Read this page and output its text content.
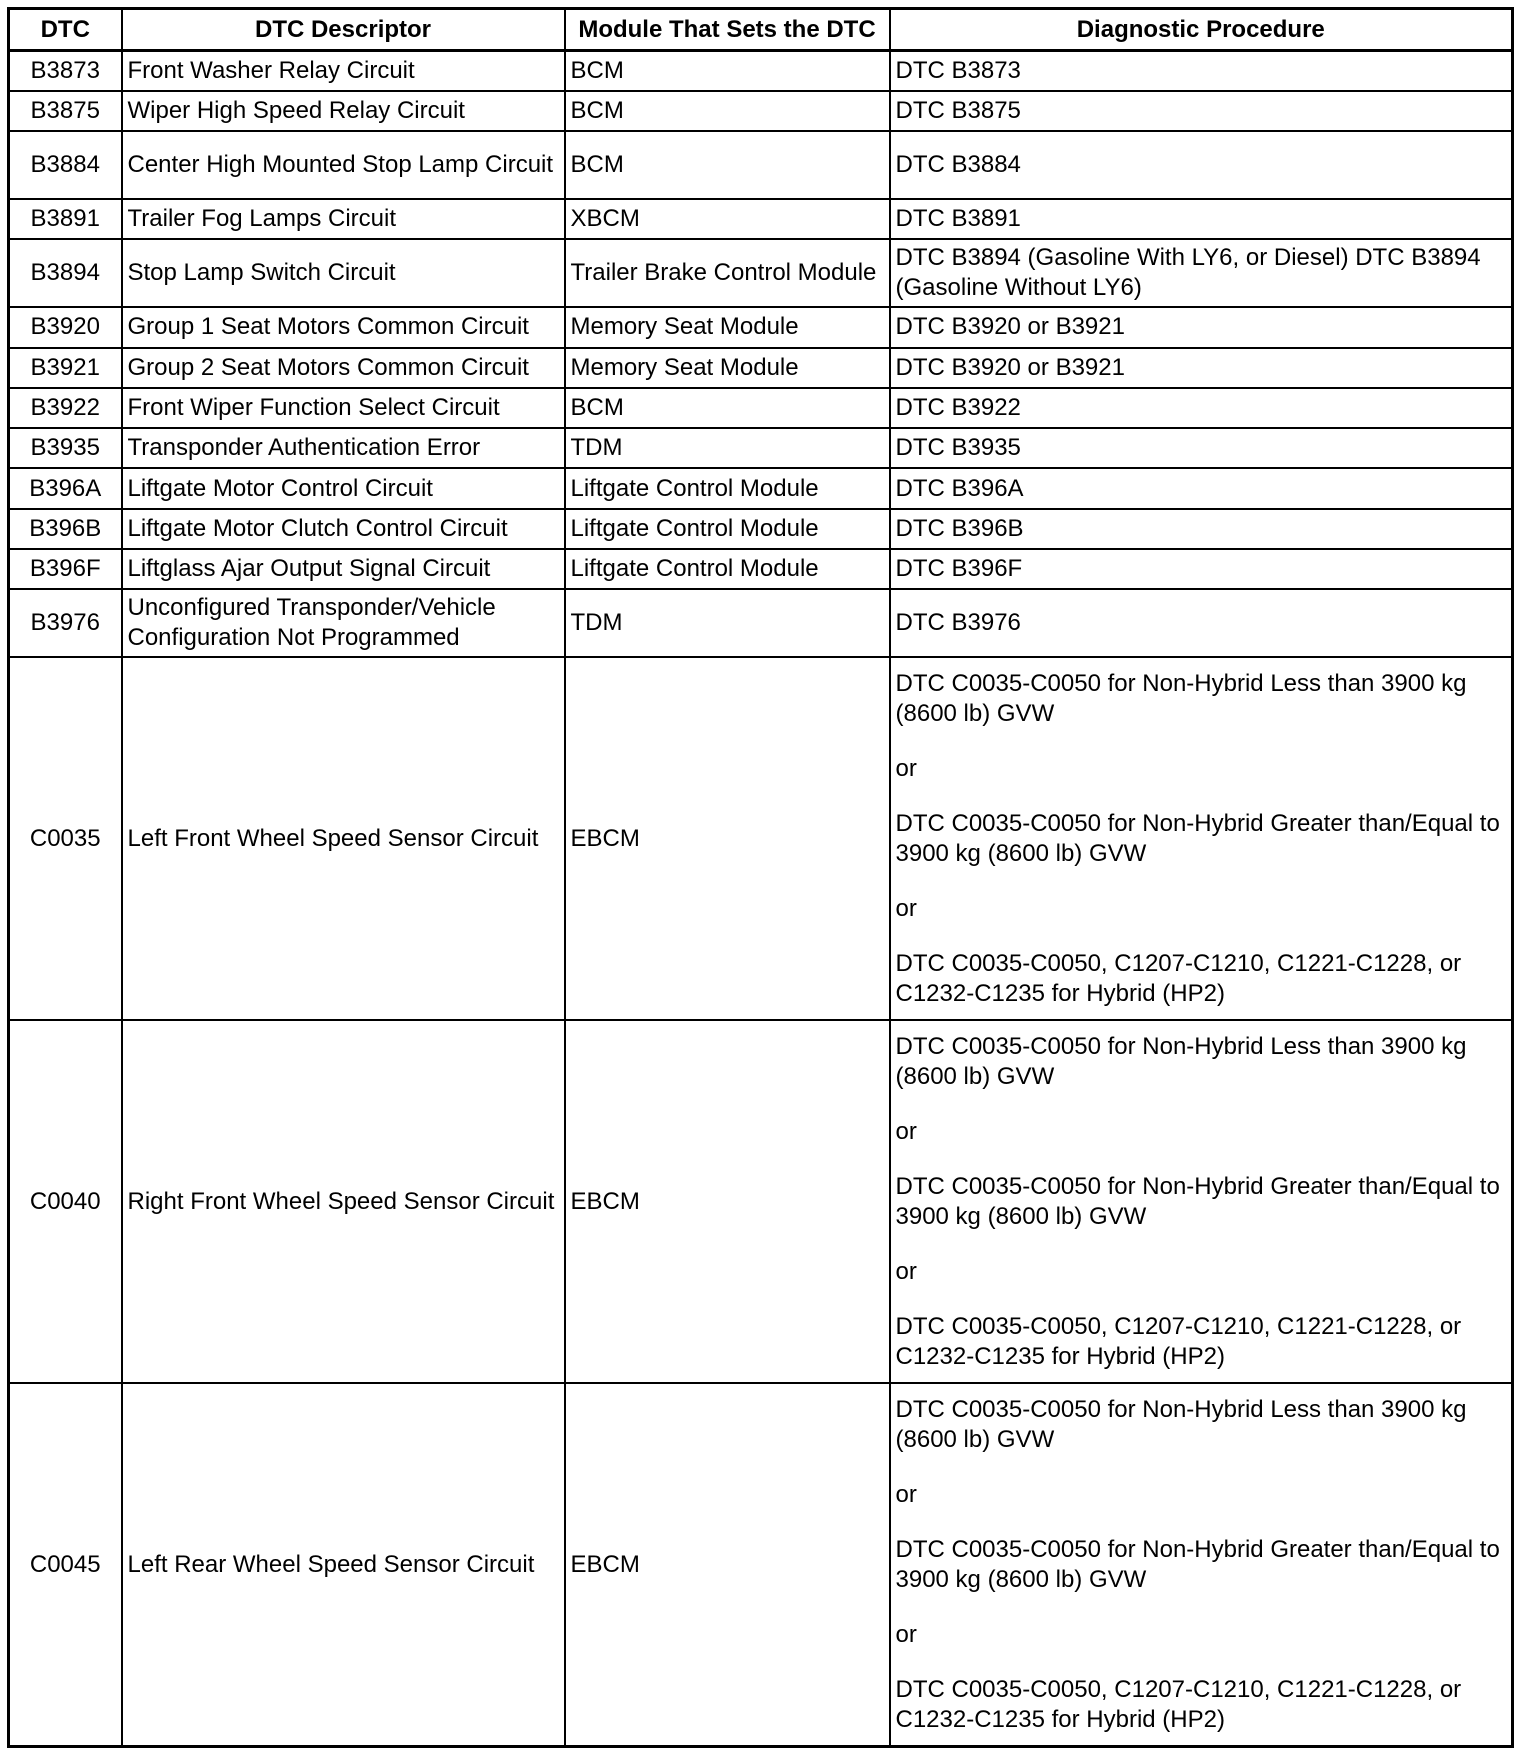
DTC	DTC Descriptor	Module That Sets the DTC	Diagnostic Procedure
B3873	Front Washer Relay Circuit	BCM	DTC B3873

B3875	Wiper High Speed Relay Circuit	BCM	DTC B3875

B3884	Center High Mounted Stop Lamp Circuit	BCM	DTC B3884

B3891	Trailer Fog Lamps Circuit	XBCM	DTC B3891

B3894	Stop Lamp Switch Circuit	Trailer Brake Control Module	DTC B3894 (Gasoline With LY6, or Diesel) DTC B3894 (Gasoline Without LY6)

B3920	Group 1 Seat Motors Common Circuit	Memory Seat Module	DTC B3920 or B3921

B3921	Group 2 Seat Motors Common Circuit	Memory Seat Module	DTC B3920 or B3921

B3922	Front Wiper Function Select Circuit	BCM	DTC B3922

B3935	Transponder Authentication Error	TDM	DTC B3935

B396A	Liftgate Motor Control Circuit	Liftgate Control Module	DTC B396A

B396B	Liftgate Motor Clutch Control Circuit	Liftgate Control Module	DTC B396B

B396F	Liftglass Ajar Output Signal Circuit	Liftgate Control Module	DTC B396F

B3976	Unconfigured Transponder/Vehicle Configuration Not Programmed	TDM	DTC B3976

C0035	Left Front Wheel Speed Sensor Circuit	EBCM	DTC C0035-C0050 for Non-Hybrid Less than 3900 kg (8600 lb) GVW
or
DTC C0035-C0050 for Non-Hybrid Greater than/Equal to 3900 kg (8600 lb) GVW
or
DTC C0035-C0050, C1207-C1210, C1221-C1228, or C1232-C1235 for Hybrid (HP2)

C0040	Right Front Wheel Speed Sensor Circuit	EBCM	DTC C0035-C0050 for Non-Hybrid Less than 3900 kg (8600 lb) GVW
or
DTC C0035-C0050 for Non-Hybrid Greater than/Equal to 3900 kg (8600 lb) GVW
or
DTC C0035-C0050, C1207-C1210, C1221-C1228, or C1232-C1235 for Hybrid (HP2)

C0045	Left Rear Wheel Speed Sensor Circuit	EBCM	DTC C0035-C0050 for Non-Hybrid Less than 3900 kg (8600 lb) GVW
or
DTC C0035-C0050 for Non-Hybrid Greater than/Equal to 3900 kg (8600 lb) GVW
or
DTC C0035-C0050, C1207-C1210, C1221-C1228, or C1232-C1235 for Hybrid (HP2)
